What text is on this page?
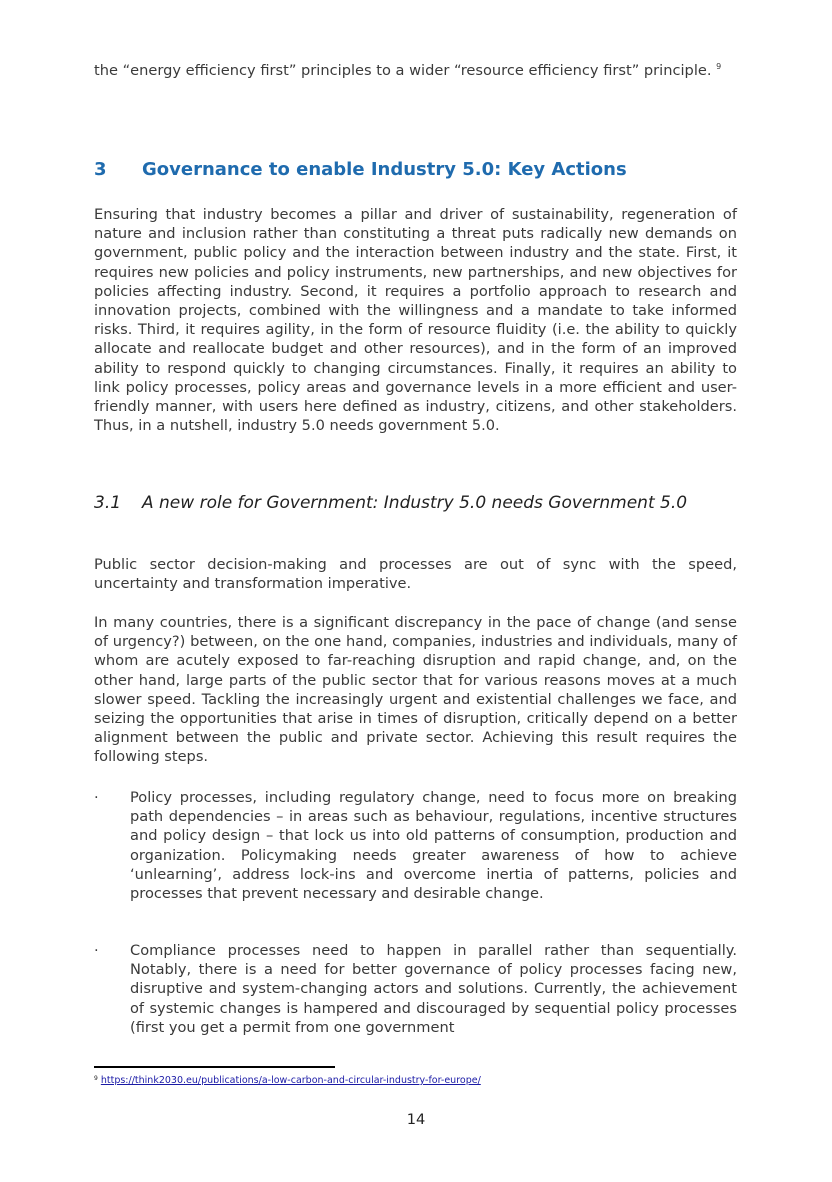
the “energy efficiency first” principles to a wider “resource efficiency first” principle. $^9$

3 Governance to enable Industry 5.0: Key Actions

Ensuring that industry becomes a pillar and driver of sustainability, regeneration of nature and inclusion rather than constituting a threat puts radically new demands on government, public policy and the interaction between industry and the state. First, it requires new policies and policy instruments, new partnerships, and new objectives for policies affecting industry. Second, it requires a portfolio approach to research and innovation projects, combined with the willingness and a mandate to take informed risks. Third, it requires agility, in the form of resource fluidity (i.e. the ability to quickly allocate and reallocate budget and other resources), and in the form of an improved ability to respond quickly to changing circumstances. Finally, it requires an ability to link policy processes, policy areas and governance levels in a more efficient and user-friendly manner, with users here defined as industry, citizens, and other stakeholders. Thus, in a nutshell, industry 5.0 needs government 5.0.

3.1	A new role for Government: Industry 5.0 needs Government 5.0

Public sector decision-making and processes are out of sync with the speed, uncertainty and transformation imperative.

In many countries, there is a significant discrepancy in the pace of change (and sense of urgency?) between, on the one hand, companies, industries and individuals, many of whom are acutely exposed to far-reaching disruption and rapid change, and, on the other hand, large parts of the public sector that for various reasons moves at a much slower speed. Tackling the increasingly urgent and existential challenges we face, and seizing the opportunities that arise in times of disruption, critically depend on a better alignment between the public and private sector. Achieving this result requires the following steps.

·	Policy processes, including regulatory change, need to focus more on breaking path dependencies – in areas such as behaviour, regulations, incentive structures and policy design – that lock us into old patterns of consumption, production and organization. Policymaking needs greater awareness of how to achieve ‘unlearning’, address lock-ins and overcome inertia of patterns, policies and processes that prevent necessary and desirable change.

·	Compliance processes need to happen in parallel rather than sequentially. Notably, there is a need for better governance of policy processes facing new, disruptive and system-changing actors and solutions. Currently, the achievement of systemic changes is hampered and discouraged by sequential policy processes (first you get a permit from one government

$^9$ https://think2030.eu/publications/a-low-carbon-and-circular-industry-for-europe/
14
